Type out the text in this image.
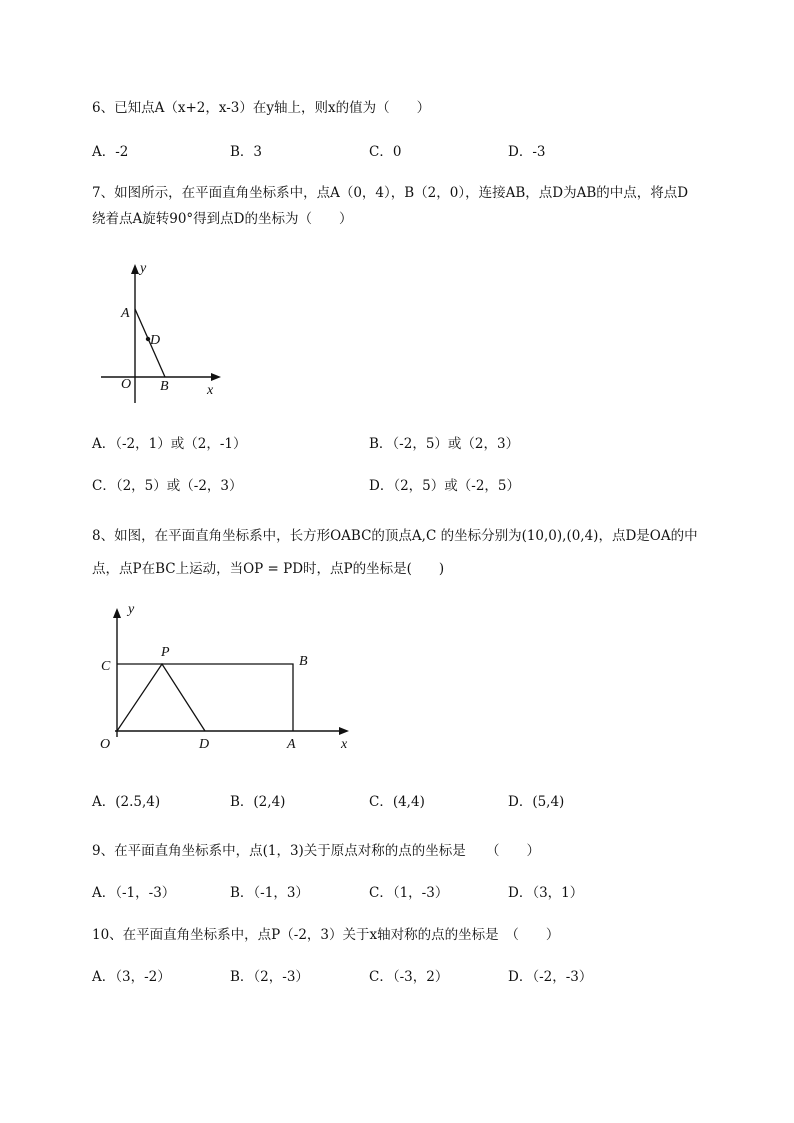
6、已知点A（x+2，x-3）在y轴上，则x的值为（　　）
A．-2	B．3	C．0	D．-3
7、如图所示，在平面直角坐标系中，点A（0，4），B（2，0），连接AB，点D为AB的中点，将点D
绕着点A旋转90°得到点D的坐标为（　　）
y
x
A
D
O B
A．（-2，1）或（2，-1）	B．（-2，5）或（2，3）
C．（2，5）或（-2，3）	D．（2，5）或（-2，5）
8、如图，在平面直角坐标系中，长方形OABC的顶点A,C 的坐标分别为(10,0),(0,4)，点D是OA的中
点，点P在BC上运动，当OP = PD时，点P的坐标是(　　)
y
x
C
P
B
O	D	A
A．(2.5,4)	B．(2,4)	C．(4,4)	D．(5,4)
9、在平面直角坐标系中，点(1，3)关于原点对称的点的坐标是　　（　　）
A．（-1，-3）	B．（-1，3）	C．（1，-3）	D．（3，1）
10、在平面直角坐标系中，点P（-2，3）关于x轴对称的点的坐标是　（　　）
A．（3，-2）	B．（2，-3）	C．（-3，2）	D．（-2，-3）
